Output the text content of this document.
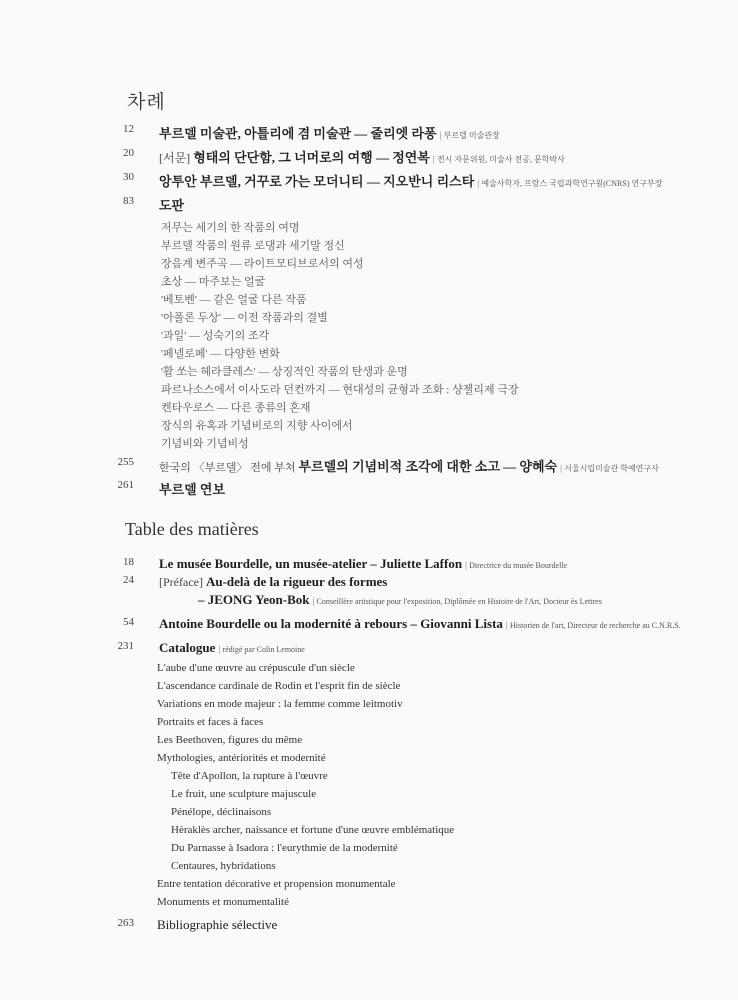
차례
12 부르델 미술관, 아틀리에 겸 미술관 — 줄리엣 라퐁 | 부르델 미술관장
20 [서문] 형태의 단단함, 그 너머로의 여행 — 정연복 | 전시 자문위원, 미술사 전공, 문학박사
30 앙투안 부르델, 거꾸로 가는 모더니티 — 지오반니 리스타 | 예술사학자, 프랑스 국립과학연구원(CNRS) 연구부장
83 도판
저무는 세기의 한 작품의 여명
부르델 작품의 원류 로댕과 세기말 정신
장음계 변주곡 — 라이트모티브로서의 여성
초상 — 마주보는 얼굴
'베토벤' — 같은 얼굴 다른 작품
'아폴론 두상' — 이전 작품과의 결별
'과일' — 성숙기의 조각
'페넬로페' — 다양한 변화
'활 쏘는 헤라클레스' — 상징적인 작품의 탄생과 운명
파르나소스에서 이사도라 던컨까지 — 현대성의 균형과 조화 : 샹젤리제 극장
켄타우로스 — 다른 종류의 혼재
장식의 유혹과 기념비로의 지향 사이에서
기념비와 기념비성
255 한국의 〈부르델〉 전에 부쳐 부르델의 기념비적 조각에 대한 소고 — 양혜숙 | 서울시립미술관 학예연구사
261 부르델 연보
Table des matières
18 Le musée Bourdelle, un musée-atelier – Juliette Laffon | Directrice du musée Bourdelle
24 [Préface] Au-delà de la rigueur des formes
– JEONG Yeon-Bok | Conseillère artistique pour l'exposition, Diplômée en Histoire de l'Art, Docteur ès Lettres
54 Antoine Bourdelle ou la modernité à rebours – Giovanni Lista | Historien de l'art, Directeur de recherche au C.N.R.S.
231 Catalogue | rédigé par Colin Lemoine
L'aube d'une œuvre au crépuscule d'un siècle
L'ascendance cardinale de Rodin et l'esprit fin de siècle
Variations en mode majeur : la femme comme leitmotiv
Portraits et faces à faces
Les Beethoven, figures du même
Mythologies, antériorités et modernité
Tête d'Apollon, la rupture à l'œuvre
Le fruit, une sculpture majuscule
Pénélope, déclinaisons
Hèraklès archer, naissance et fortune d'une œuvre emblématique
Du Parnasse à Isadora : l'eurythmie de la modernité
Centaures, hybridations
Entre tentation décorative et propension monumentale
Monuments et monumentalité
263 Bibliographie sélective
